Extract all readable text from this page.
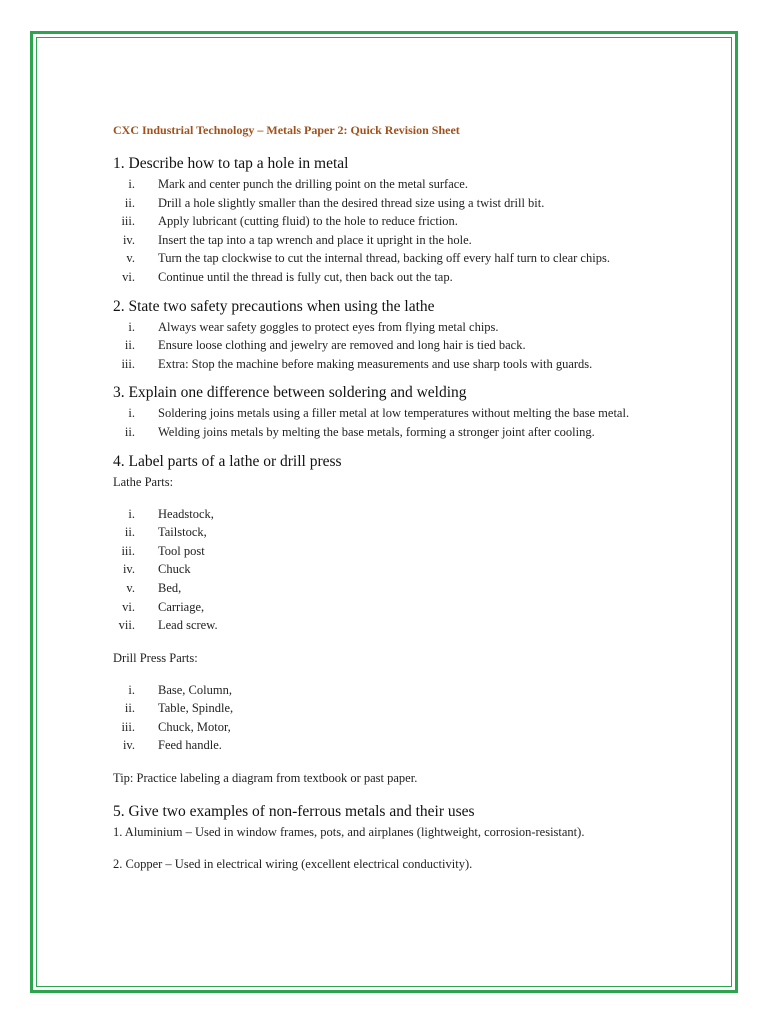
CXC Industrial Technology – Metals Paper 2: Quick Revision Sheet

1. Describe how to tap a hole in metal

i. Mark and center punch the drilling point on the metal surface.
ii. Drill a hole slightly smaller than the desired thread size using a twist drill bit.
iii. Apply lubricant (cutting fluid) to the hole to reduce friction.
iv. Insert the tap into a tap wrench and place it upright in the hole.
v. Turn the tap clockwise to cut the internal thread, backing off every half turn to clear chips.
vi. Continue until the thread is fully cut, then back out the tap.

2. State two safety precautions when using the lathe

i. Always wear safety goggles to protect eyes from flying metal chips.
ii. Ensure loose clothing and jewelry are removed and long hair is tied back.
iii. Extra: Stop the machine before making measurements and use sharp tools with guards.

3. Explain one difference between soldering and welding

i. Soldering joins metals using a filler metal at low temperatures without melting the base metal.
ii. Welding joins metals by melting the base metals, forming a stronger joint after cooling.

4. Label parts of a lathe or drill press

Lathe Parts:

i. Headstock,
ii. Tailstock,
iii. Tool post
iv. Chuck
v. Bed,
vi. Carriage,
vii. Lead screw.

Drill Press Parts:

i. Base, Column,
ii. Table, Spindle,
iii. Chuck, Motor,
iv. Feed handle.

Tip: Practice labeling a diagram from textbook or past paper.

5. Give two examples of non-ferrous metals and their uses

1. Aluminium – Used in window frames, pots, and airplanes (lightweight, corrosion-resistant).

2. Copper – Used in electrical wiring (excellent electrical conductivity).
